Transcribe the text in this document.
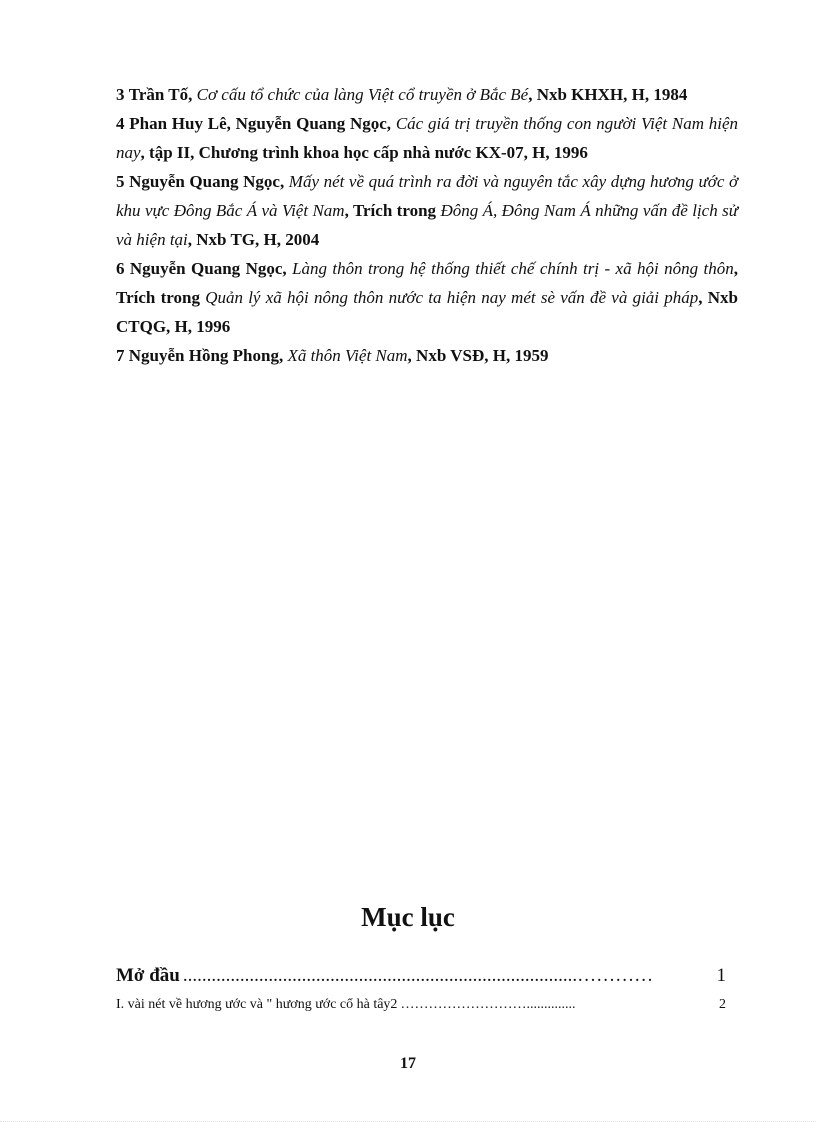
3 Trần Tố, Cơ cấu tổ chức của làng Việt cổ truyền ở Bắc Bé, Nxb KHXH, H, 1984

4 Phan Huy Lê, Nguyễn Quang Ngọc, Các giá trị truyền thống con người Việt Nam hiện nay, tập II, Chương trình khoa học cấp nhà nước KX-07, H, 1996

5 Nguyễn Quang Ngọc, Mấy nét về quá trình ra đời và nguyên tắc xây dựng hương ước ở khu vực Đông Bắc Á và Việt Nam, Trích trong Đông Á, Đông Nam Á những vấn đề lịch sử và hiện tại, Nxb TG, H, 2004

6 Nguyễn Quang Ngọc, Làng thôn trong hệ thống thiết chế chính trị - xã hội nông thôn, Trích trong Quản lý xã hội nông thôn nước ta hiện nay mét sè vấn đề và giải pháp, Nxb CTQG, H, 1996

7 Nguyễn Hồng Phong, Xã thôn Việt Nam, Nxb VSĐ, H, 1959

Mục lục
Mở đầu ...................................................................................…………	1
I. vài nét về hương ước và " hương ước cổ hà tây2 ………………………..............	2
17
